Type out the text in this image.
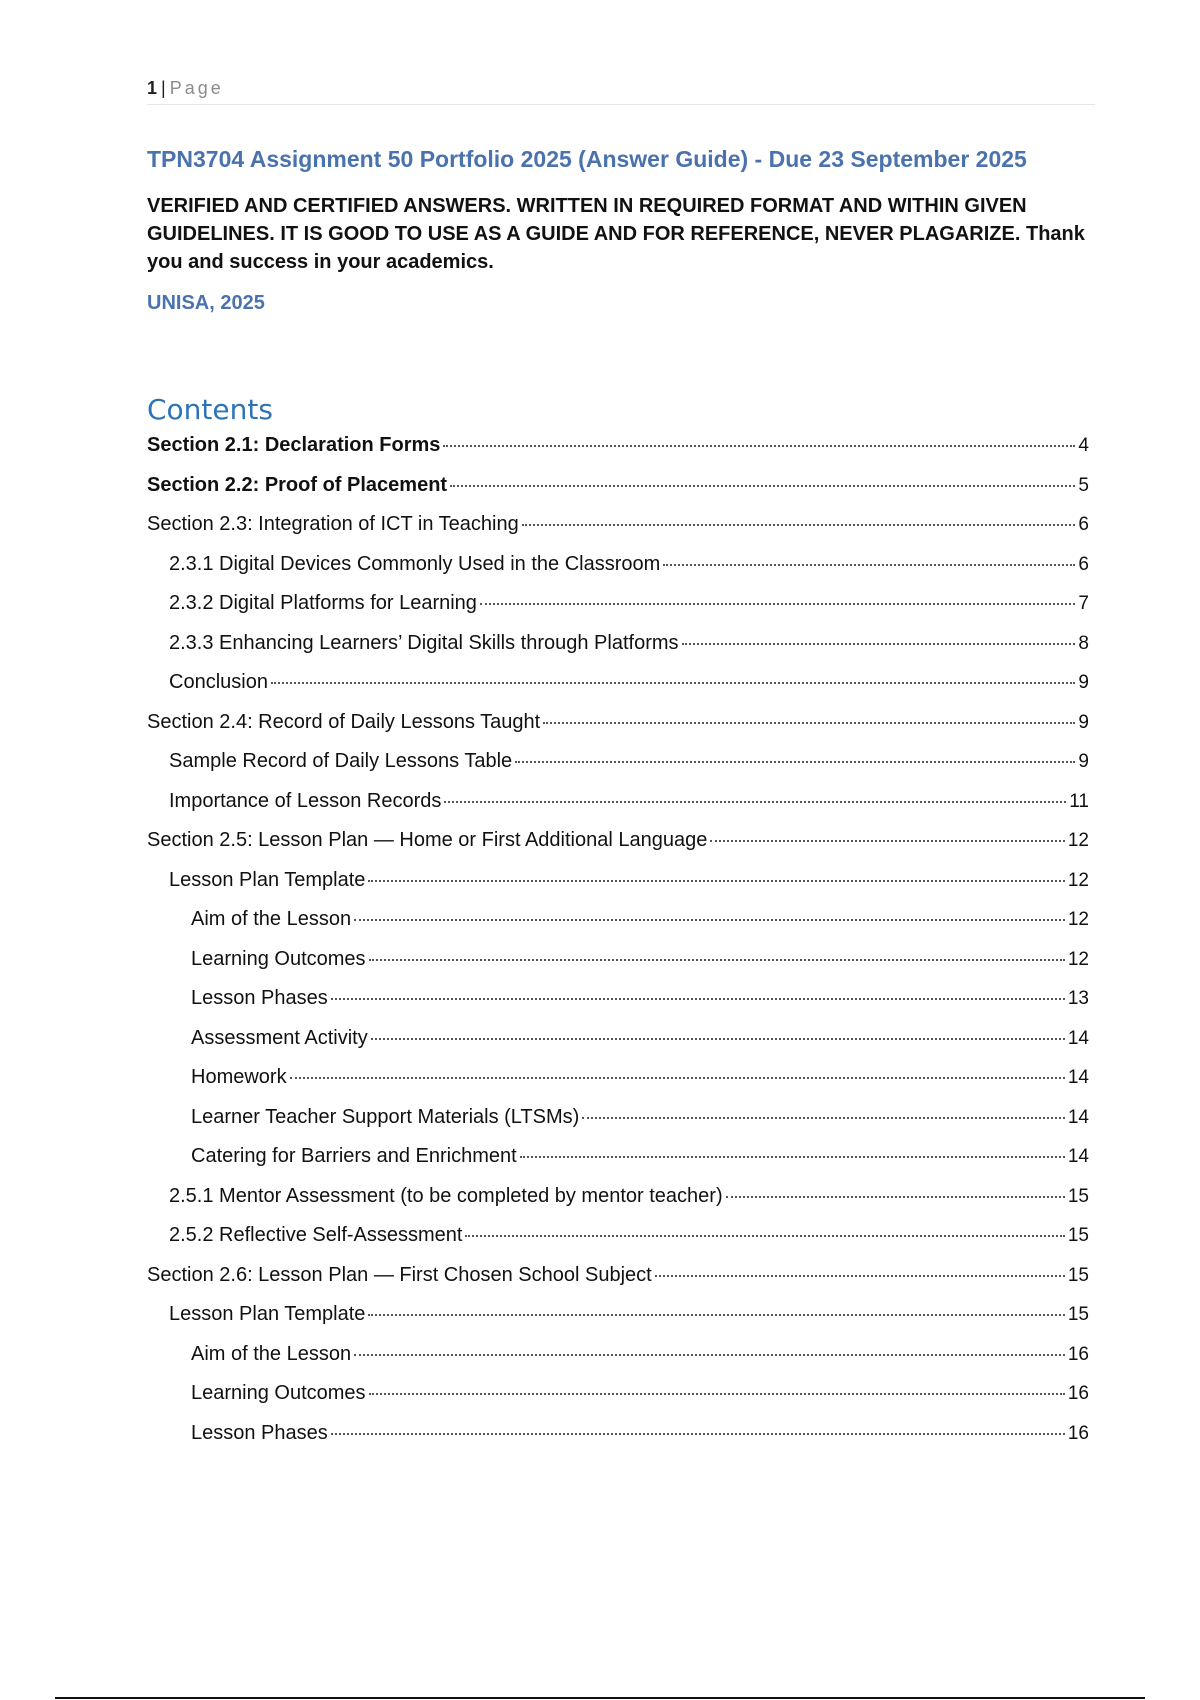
1 | Page
TPN3704 Assignment 50 Portfolio 2025 (Answer Guide) - Due 23 September 2025
VERIFIED AND CERTIFIED ANSWERS. WRITTEN IN REQUIRED FORMAT AND WITHIN GIVEN GUIDELINES. IT IS GOOD TO USE AS A GUIDE AND FOR REFERENCE, NEVER PLAGARIZE. Thank you and success in your academics.
UNISA, 2025
Contents
Section 2.1: Declaration Forms	4
Section 2.2: Proof of Placement	5
Section 2.3: Integration of ICT in Teaching	6
2.3.1 Digital Devices Commonly Used in the Classroom	6
2.3.2 Digital Platforms for Learning	7
2.3.3 Enhancing Learners’ Digital Skills through Platforms	8
Conclusion	9
Section 2.4: Record of Daily Lessons Taught	9
Sample Record of Daily Lessons Table	9
Importance of Lesson Records	11
Section 2.5: Lesson Plan — Home or First Additional Language	12
Lesson Plan Template	12
Aim of the Lesson	12
Learning Outcomes	12
Lesson Phases	13
Assessment Activity	14
Homework	14
Learner Teacher Support Materials (LTSMs)	14
Catering for Barriers and Enrichment	14
2.5.1 Mentor Assessment (to be completed by mentor teacher)	15
2.5.2 Reflective Self-Assessment	15
Section 2.6: Lesson Plan — First Chosen School Subject	15
Lesson Plan Template	15
Aim of the Lesson	16
Learning Outcomes	16
Lesson Phases	16
